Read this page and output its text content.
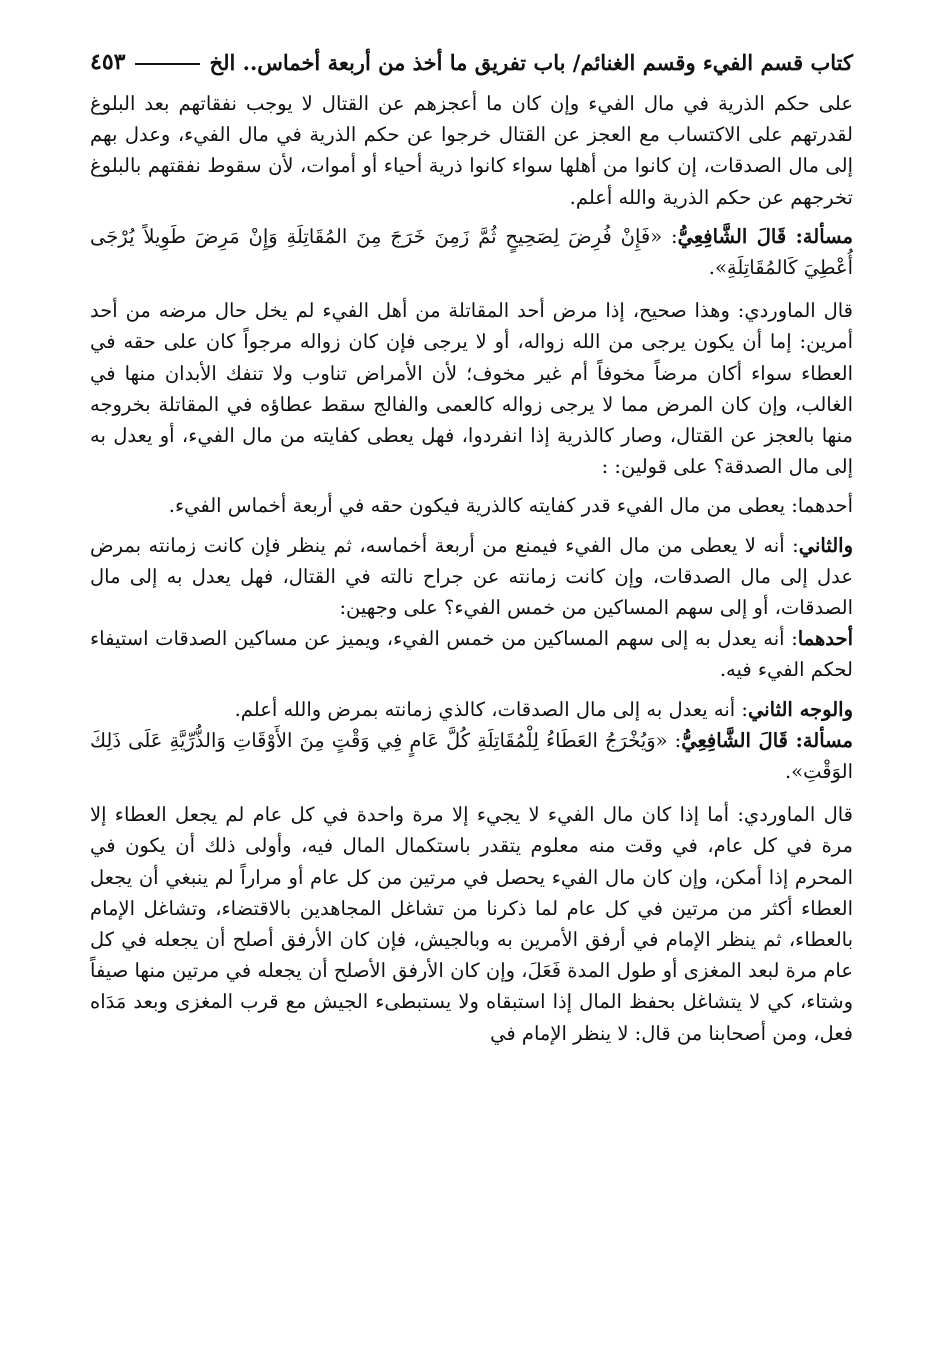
كتاب قسم الفيء وقسم الغنائم/ باب تفريق ما أخذ من أربعة أخماس.. الخ
٤٥٣

على حكم الذرية في مال الفيء وإن كان ما أعجزهم عن القتال لا يوجب نفقاتهم بعد البلوغ لقدرتهم على الاكتساب مع العجز عن القتال خرجوا عن حكم الذرية في مال الفيء، وعدل بهم إلى مال الصدقات، إن كانوا من أهلها سواء كانوا ذرية أحياء أو أموات، لأن سقوط نفقتهم بالبلوغ تخرجهم عن حكم الذرية والله أعلم.

مسألة: قَالَ الشَّافِعِيُّ: «فَإِنْ فُرِضَ لِصَحِيحٍ ثُمَّ زَمِنَ خَرَجَ مِنَ المُقَاتِلَةِ وَإِنْ مَرِضَ طَوِيلاً يُرْجَى أُعْطِيَ كَالمُقَاتِلَةِ».

قال الماوردي: وهذا صحيح، إذا مرض أحد المقاتلة من أهل الفيء لم يخل حال مرضه من أحد أمرين: إما أن يكون يرجى من الله زواله، أو لا يرجى فإن كان زواله مرجواً كان على حقه في العطاء سواء أكان مرضاً مخوفاً أم غير مخوف؛ لأن الأمراض تناوب ولا تنفك الأبدان منها في الغالب، وإن كان المرض مما لا يرجى زواله كالعمى والفالج سقط عطاؤه في المقاتلة بخروجه منها بالعجز عن القتال، وصار كالذرية إذا انفردوا، فهل يعطى كفايته من مال الفيء، أو يعدل به إلى مال الصدقة؟ على قولين: :

أحدهما: يعطى من مال الفيء قدر كفايته كالذرية فيكون حقه في أربعة أخماس الفيء.

والثاني: أنه لا يعطى من مال الفيء فيمنع من أربعة أخماسه، ثم ينظر فإن كانت زمانته بمرض عدل إلى مال الصدقات، وإن كانت زمانته عن جراح نالته في القتال، فهل يعدل به إلى مال الصدقات، أو إلى سهم المساكين من خمس الفيء؟ على وجهين:

أحدهما: أنه يعدل به إلى سهم المساكين من خمس الفيء، ويميز عن مساكين الصدقات استيفاء لحكم الفيء فيه.

والوجه الثاني: أنه يعدل به إلى مال الصدقات، كالذي زمانته بمرض والله أعلم.

مسألة: قَالَ الشَّافِعِيُّ: «وَيُخْرَجُ العَطَاءُ لِلْمُقَاتِلَةِ كُلَّ عَامٍ فِي وَقْتٍ مِنَ الأَوْقَاتِ وَالذُّرِّيَّةِ عَلَى ذَلِكَ الوَقْتِ».

قال الماوردي: أما إذا كان مال الفيء لا يجيء إلا مرة واحدة في كل عام لم يجعل العطاء إلا مرة في كل عام، في وقت منه معلوم يتقدر باستكمال المال فيه، وأولى ذلك أن يكون في المحرم إذا أمكن، وإن كان مال الفيء يحصل في مرتين من كل عام أو مراراً لم ينبغي أن يجعل العطاء أكثر من مرتين في كل عام لما ذكرنا من تشاغل المجاهدين بالاقتضاء، وتشاغل الإمام بالعطاء، ثم ينظر الإمام في أرفق الأمرين به وبالجيش، فإن كان الأرفق أصلح أن يجعله في كل عام مرة لبعد المغزى أو طول المدة فَعَلَ، وإن كان الأرفق الأصلح أن يجعله في مرتين منها صيفاً وشتاء، كي لا يتشاغل بحفظ المال إذا استبقاه ولا يستبطىء الجيش مع قرب المغزى وبعد مَدَاه فعل، ومن أصحابنا من قال: لا ينظر الإمام في
